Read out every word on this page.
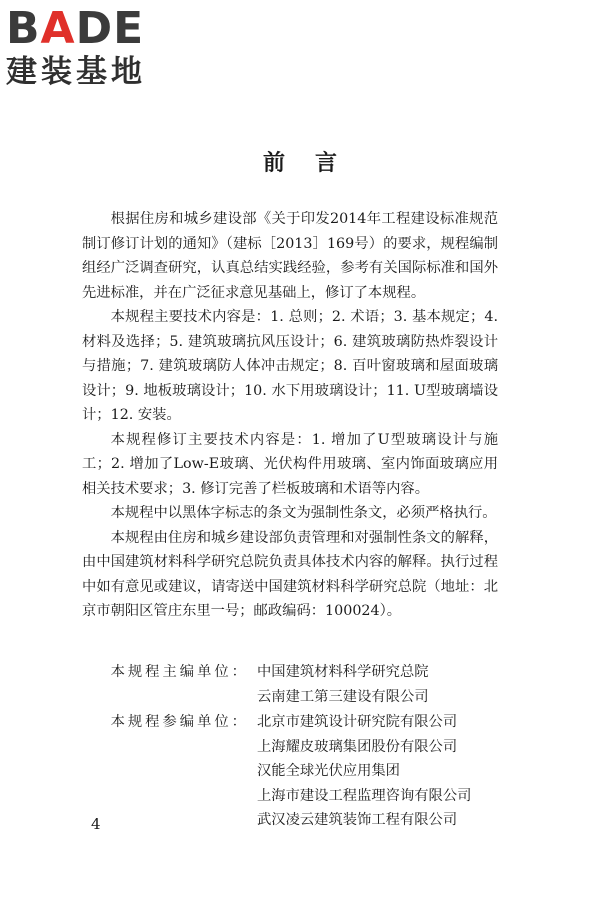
BADE
建装基地
前言

根据住房和城乡建设部《关于印发2014年工程建设标准规范制订修订计划的通知》（建标［2013］169号）的要求，规程编制组经广泛调查研究，认真总结实践经验，参考有关国际标准和国外先进标准，并在广泛征求意见基础上，修订了本规程。

本规程主要技术内容是：1. 总则；2. 术语；3. 基本规定；4. 材料及选择；5. 建筑玻璃抗风压设计；6. 建筑玻璃防热炸裂设计与措施；7. 建筑玻璃防人体冲击规定；8. 百叶窗玻璃和屋面玻璃设计；9. 地板玻璃设计；10. 水下用玻璃设计；11. U型玻璃墙设计；12. 安装。

本规程修订主要技术内容是：1. 增加了U型玻璃设计与施工；2. 增加了Low-E玻璃、光伏构件用玻璃、室内饰面玻璃应用相关技术要求；3. 修订完善了栏板玻璃和术语等内容。

本规程中以黑体字标志的条文为强制性条文，必须严格执行。

本规程由住房和城乡建设部负责管理和对强制性条文的解释，由中国建筑材料科学研究总院负责具体技术内容的解释。执行过程中如有意见或建议，请寄送中国建筑材料科学研究总院（地址：北京市朝阳区管庄东里一号；邮政编码：100024）。

本规程主编单位： 中国建筑材料科学研究总院
云南建工第三建设有限公司
本规程参编单位： 北京市建筑设计研究院有限公司
上海耀皮玻璃集团股份有限公司
汉能全球光伏应用集团
上海市建设工程监理咨询有限公司
武汉凌云建筑装饰工程有限公司
4
